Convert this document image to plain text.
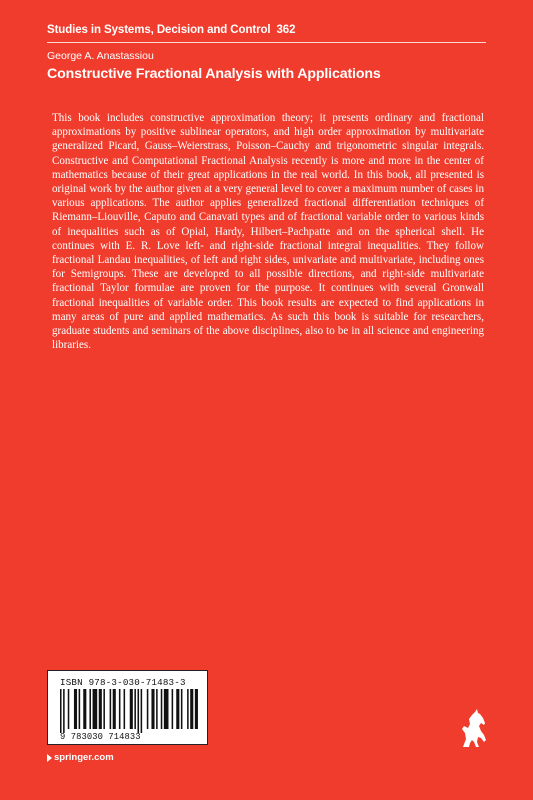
Studies in Systems, Decision and Control 362
George A. Anastassiou
Constructive Fractional Analysis with Applications
This book includes constructive approximation theory; it presents ordinary and fractional approximations by positive sublinear operators, and high order approximation by multivariate generalized Picard, Gauss–Weierstrass, Poisson–Cauchy and trigonometric singular integrals. Constructive and Computational Fractional Analysis recently is more and more in the center of mathematics because of their great applications in the real world. In this book, all presented is original work by the author given at a very general level to cover a maximum number of cases in various applications. The author applies generalized fractional differentiation techniques of Riemann–Liouville, Caputo and Canavati types and of fractional variable order to various kinds of inequalities such as of Opial, Hardy, Hilbert–Pachpatte and on the spherical shell. He continues with E. R. Love left- and right-side fractional integral inequalities. They follow fractional Landau inequalities, of left and right sides, univariate and multivariate, including ones for Semigroups. These are developed to all possible directions, and right-side multivariate fractional Taylor formulae are proven for the purpose. It continues with several Gronwall fractional inequalities of variable order. This book results are expected to find applications in many areas of pure and applied mathematics. As such this book is suitable for researchers, graduate students and seminars of the above disciplines, also to be in all science and engineering libraries.
ISBN 978-3-030-71483-3
9 783030 714833
springer.com
